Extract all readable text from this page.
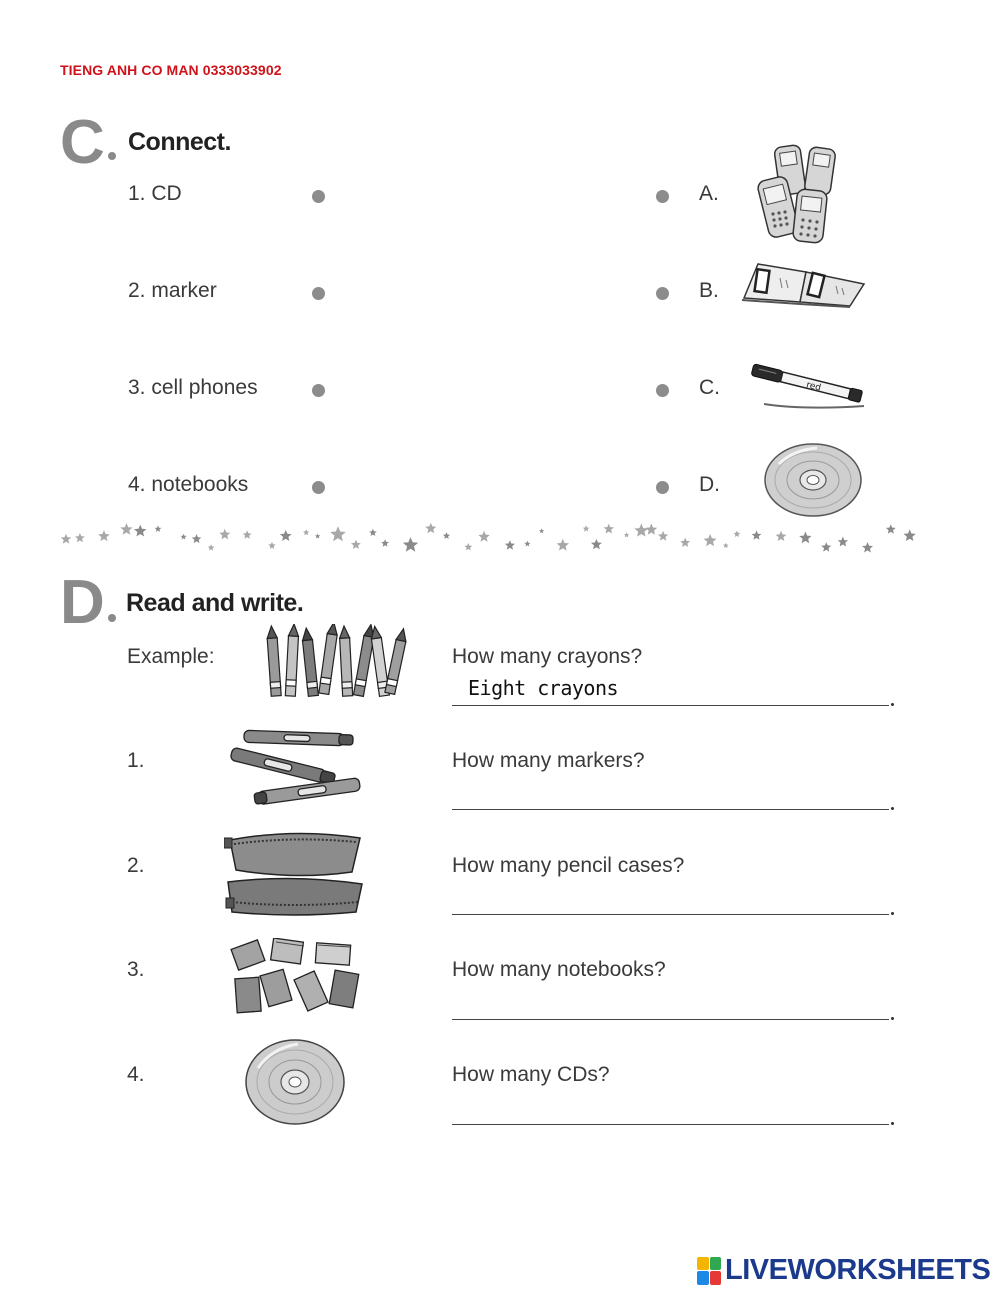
TIENG ANH CO MAN 0333033902
C Connect.
1. CD
2. marker
3. cell phones
4. notebooks
A.
B.
C.
D.
red
D Read and write.
Example:
1.
2.
3.
4.
How many crayons?
How many markers?
How many pencil cases?
How many notebooks?
How many CDs?
Eight crayons
LIVEWORKSHEETS
